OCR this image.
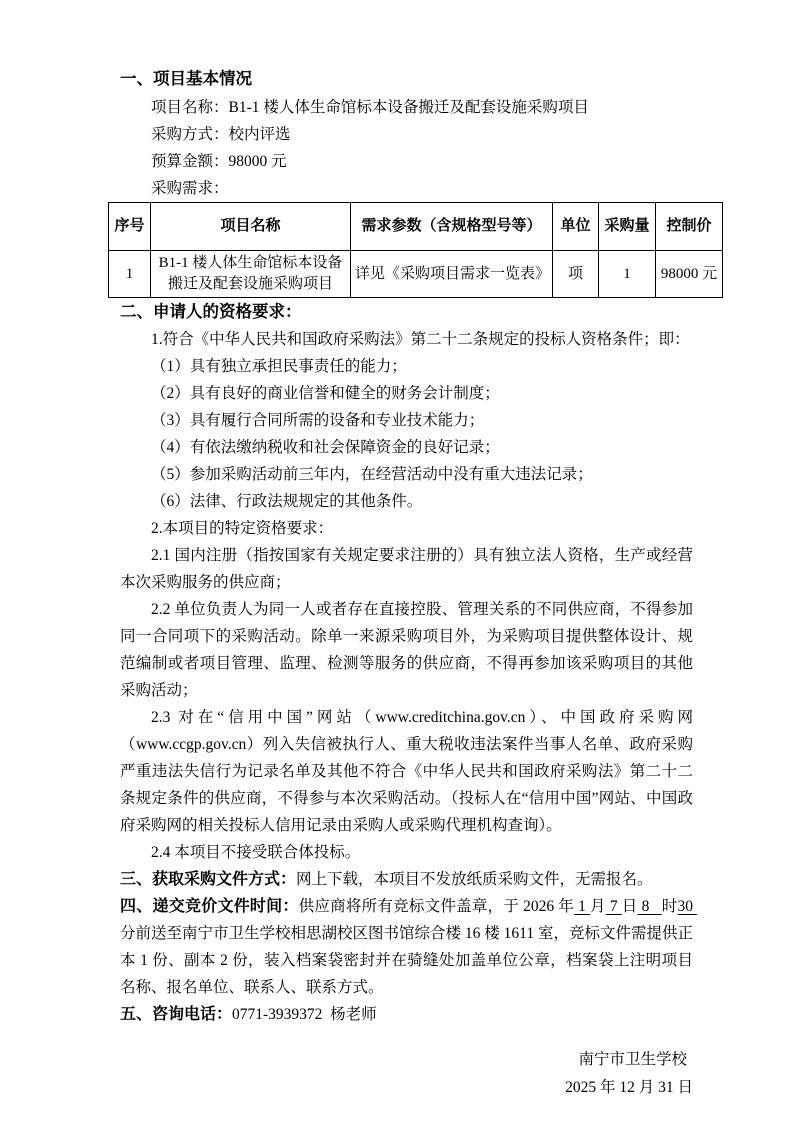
一、项目基本情况

项目名称：B1-1 楼人体生命馆标本设备搬迁及配套设施采购项目

采购方式：校内评选

预算金额：98000 元

采购需求：

序号	项目名称	需求参数（含规格型号等）	单位	采购量	控制价
1	B1-1 楼人体生命馆标本设备搬迁及配套设施采购项目	详见《采购项目需求一览表》	项	1	98000 元
二、申请人的资格要求：

1.符合《中华人民共和国政府采购法》第二十二条规定的投标人资格条件；即：

（1）具有独立承担民事责任的能力；

（2）具有良好的商业信誉和健全的财务会计制度；

（3）具有履行合同所需的设备和专业技术能力；

（4）有依法缴纳税收和社会保障资金的良好记录；

（5）参加采购活动前三年内，在经营活动中没有重大违法记录；

（6）法律、行政法规规定的其他条件。

2.本项目的特定资格要求：

2.1 国内注册（指按国家有关规定要求注册的）具有独立法人资格，生产或经营本次采购服务的供应商；

2.2 单位负责人为同一人或者存在直接控股、管理关系的不同供应商，不得参加同一合同项下的采购活动。除单一来源采购项目外，为采购项目提供整体设计、规范编制或者项目管理、监理、检测等服务的供应商，不得再参加该采购项目的其他采购活动；

2.3 对在“信用中国”网站（www.creditchina.gov.cn）、中国政府采购网（www.ccgp.gov.cn）列入失信被执行人、重大税收违法案件当事人名单、政府采购严重违法失信行为记录名单及其他不符合《中华人民共和国政府采购法》第二十二条规定条件的供应商，不得参与本次采购活动。（投标人在“信用中国”网站、中国政府采购网的相关投标人信用记录由采购人或采购代理机构查询）。

2.4 本项目不接受联合体投标。

三、获取采购文件方式：网上下载，本项目不发放纸质采购文件，无需报名。

四、递交竞价文件时间：供应商将所有竞标文件盖章，于 2026 年 1 月 7 日 8   时30 分前送至南宁市卫生学校相思湖校区图书馆综合楼 16 楼 1611 室，竞标文件需提供正本 1 份、副本 2 份，装入档案袋密封并在骑缝处加盖单位公章，档案袋上注明项目名称、报名单位、联系人、联系方式。

五、咨询电话：0771-3939372  杨老师

南宁市卫生学校
2025 年 12 月 31 日
